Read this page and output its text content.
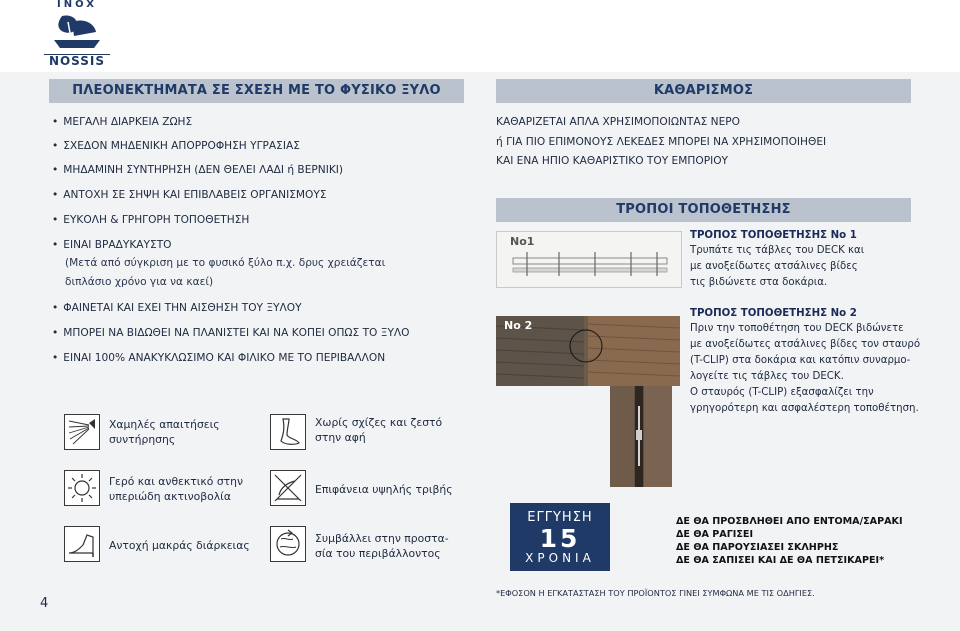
INOX
NOSSIS
ΠΛΕΟΝΕΚΤΗΜΑΤΑ ΣΕ ΣΧΕΣΗ ΜΕ ΤΟ ΦΥΣΙΚΟ ΞΥΛΟ
• ΜΕΓΑΛΗ ΔΙΑΡΚΕΙΑ ΖΩΗΣ
• ΣΧΕΔΟΝ ΜΗΔΕΝΙΚΗ ΑΠΟΡΡΟΦΗΣΗ ΥΓΡΑΣΙΑΣ
• ΜΗΔΑΜΙΝΗ ΣΥΝΤΗΡΗΣΗ (ΔΕΝ ΘΕΛΕΙ ΛΑΔΙ ή ΒΕΡΝΙΚΙ)
• ΑΝΤΟΧΗ ΣΕ ΣΗΨΗ ΚΑΙ ΕΠΙΒΛΑΒΕΙΣ ΟΡΓΑΝΙΣΜΟΥΣ
• ΕΥΚΟΛΗ & ΓΡΗΓΟΡΗ ΤΟΠΟΘΕΤΗΣΗ
• ΕΙΝΑΙ ΒΡΑΔΥΚΑΥΣΤΟ
(Μετά από σύγκριση με το φυσικό ξύλο π.χ. δρυς χρειάζεται
διπλάσιο χρόνο για να καεί)
• ΦΑΙΝΕΤΑΙ ΚΑΙ ΕΧΕΙ ΤΗΝ ΑΙΣΘΗΣΗ ΤΟΥ ΞΥΛΟΥ
• ΜΠΟΡΕΙ ΝΑ ΒΙΔΩΘΕΙ ΝΑ ΠΛΑΝΙΣΤΕΙ ΚΑΙ ΝΑ ΚΟΠΕΙ ΟΠΩΣ ΤΟ ΞΥΛΟ
• ΕΙΝΑΙ 100% ΑΝΑΚΥΚΛΩΣΙΜΟ ΚΑΙ ΦΙΛΙΚΟ ΜΕ ΤΟ ΠΕΡΙΒΑΛΛΟΝ
Χαμηλές απαιτήσεις
συντήρησης
Χωρίς σχίζες και ζεστό
στην αφή
Γερό και ανθεκτικό στην
υπεριώδη ακτινοβολία
Επιφάνεια υψηλής τριβής
Αντοχή μακράς διάρκειας
Συμβάλλει στην προστα-
σία του περιβάλλοντος
ΚΑΘΑΡΙΣΜΟΣ
ΚΑΘΑΡΙΖΕΤΑΙ ΑΠΛΑ ΧΡΗΣΙΜΟΠΟΙΩΝΤΑΣ ΝΕΡΟ
ή ΓΙΑ ΠΙΟ ΕΠΙΜΟΝΟΥΣ ΛΕΚΕΔΕΣ ΜΠΟΡΕΙ ΝΑ ΧΡΗΣΙΜΟΠΟΙΗΘΕΙ
ΚΑΙ ΕΝΑ ΗΠΙΟ ΚΑΘΑΡΙΣΤΙΚΟ ΤΟΥ ΕΜΠΟΡΙΟΥ
ΤΡΟΠΟΙ ΤΟΠΟΘΕΤΗΣΗΣ
No1	ΤΡΟΠΟΣ ΤΟΠΟΘΕΤΗΣΗΣ Νο 1
Τρυπάτε τις τάβλες του DECK και
με ανοξείδωτες ατσάλινες βίδες
τις βιδώνετε στα δοκάρια.
No 2
ΤΡΟΠΟΣ ΤΟΠΟΘΕΤΗΣΗΣ Νο 2
Πριν την τοποθέτηση του DECK βιδώνετε
με ανοξείδωτες ατσάλινες βίδες τον σταυρό
(T-CLIP) στα δοκάρια και κατόπιν συναρμο-
λογείτε τις τάβλες του DECK.
Ο σταυρός (T-CLIP) εξασφαλίζει την
γρηγορότερη και ασφαλέστερη τοποθέτηση.
ΕΓΓΥΗΣΗ
15
ΧΡΟΝΙΑ
ΔΕ ΘΑ ΠΡΟΣΒΛΗΘΕΙ ΑΠΟ ΕΝΤΟΜΑ/ΣΑΡΑΚΙ
ΔΕ ΘΑ ΡΑΓΙΣΕΙ
ΔΕ ΘΑ ΠΑΡΟΥΣΙΑΣΕΙ ΣΚΛΗΡΗΣ
ΔΕ ΘΑ ΣΑΠΙΣΕΙ ΚΑΙ ΔΕ ΘΑ ΠΕΤΣΙΚΑΡΕΙ*
*ΕΦΟΣΟΝ Η ΕΓΚΑΤΑΣΤΑΣΗ ΤΟΥ ΠΡΟΪΟΝΤΟΣ ΓΙΝΕΙ ΣΥΜΦΩΝΑ ΜΕ ΤΙΣ ΟΔΗΓΙΕΣ.
4
